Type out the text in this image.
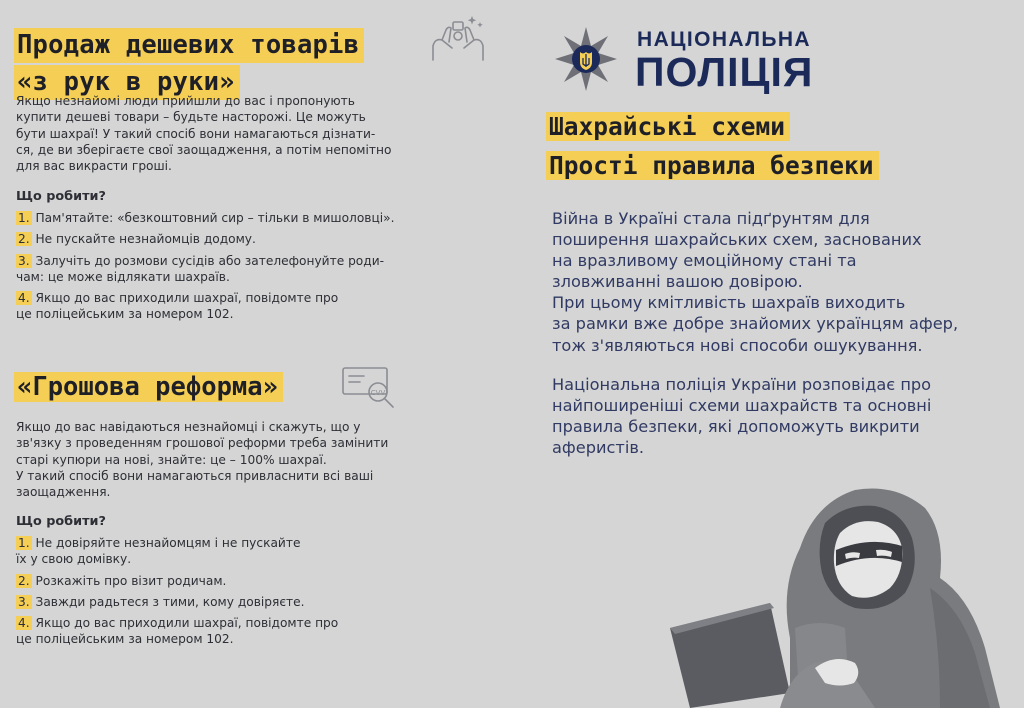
Продаж дешевих товарів
«з рук в руки»
Якщо незнайомі люди прийшли до вас і пропонують
купити дешеві товари – будьте насторожі. Це можуть
бути шахраї! У такий спосіб вони намагаються дізнати-
ся, де ви зберігаєте свої заощадження, а потім непомітно
для вас викрасти гроші.
Що робити?
1. Пам'ятайте: «безкоштовний сир – тільки в мишоловці».
2. Не пускайте незнайомців додому.
3. Залучіть до розмови сусідів або зателефонуйте роди-
чам: це може відлякати шахраїв.
4. Якщо до вас приходили шахраї, повідомте про
це поліцейським за номером 102.
«Грошова реформа»	CVV
Якщо до вас навідаються незнайомці і скажуть, що у
зв'язку з проведенням грошової реформи треба замінити
старі купюри на нові, знайте: це – 100% шахраї.
У такий спосіб вони намагаються привласнити всі ваші
заощадження.
Що робити?
1. Не довіряйте незнайомцям і не пускайте
їх у свою домівку.
2. Розкажіть про візит родичам.
3. Завжди радьтеся з тими, кому довіряєте.
4. Якщо до вас приходили шахраї, повідомте про
це поліцейським за номером 102.
НАЦІОНАЛЬНА
ПОЛІЦІЯ
Шахрайські схеми
Прості правила безпеки
Війна в Україні стала підґрунтям для
поширення шахрайських схем, заснованих
на вразливому емоційному стані та
зловживанні вашою довірою.
При цьому кмітливість шахраїв виходить
за рамки вже добре знайомих українцям афер,
тож з'являються нові способи ошукування.
Національна поліція України розповідає про
найпоширеніші схеми шахрайств та основні
правила безпеки, які допоможуть викрити
аферистів.
